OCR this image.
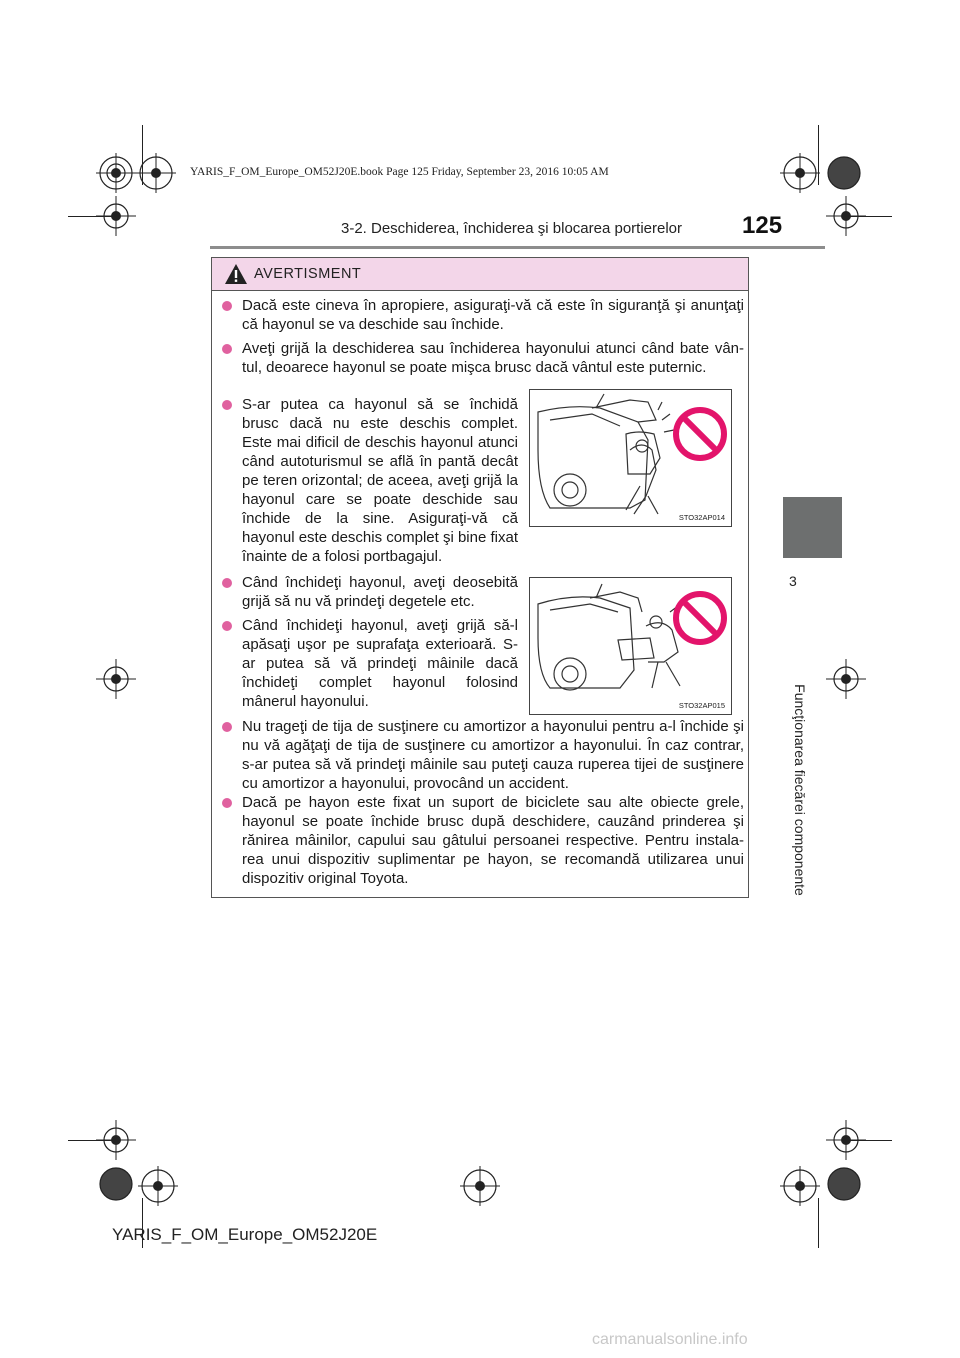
YARIS_F_OM_Europe_OM52J20E.book Page 125 Friday, September 23, 2016 10:05 AM
3-2. Deschiderea, închiderea şi blocarea portierelor	125
3
Funcţionarea fiecărei componente
AVERTISMENT
Dacă este cineva în apropiere, asiguraţi-vă că este în siguranţă şi anunţaţi că hayonul se va deschide sau închide.
Aveţi grijă la deschiderea sau închiderea hayonului atunci când bate vân-tul, deoarece hayonul se poate mişca brusc dacă vântul este puternic.
S-ar putea ca hayonul să se închidă brusc dacă nu este deschis complet. Este mai dificil de deschis hayonul atunci când autoturismul se află în pantă decât pe teren orizontal; de aceea, aveţi grijă la hayonul care se poate deschide sau închide de la sine. Asiguraţi-vă că hayonul este deschis complet şi bine fixat înainte de a folosi portbagajul.
STO32AP014
Când închideţi hayonul, aveţi deosebită grijă să nu vă prindeţi degetele etc.
Când închideţi hayonul, aveţi grijă să-l apăsaţi uşor pe suprafaţa exterioară. S-ar putea să vă prindeţi mâinile dacă închideţi complet hayonul folosind mânerul hayonului.	STO32AP015
Nu trageţi de tija de susţinere cu amortizor a hayonului pentru a-l închide şi nu vă agăţaţi de tija de susţinere cu amortizor a hayonului. În caz contrar, s-ar putea să vă prindeţi mâinile sau puteţi cauza ruperea tijei de susţinere cu amortizor a hayonului, provocând un accident.
Dacă pe hayon este fixat un suport de biciclete sau alte obiecte grele, hayonul se poate închide brusc după deschidere, cauzând prinderea şi rănirea mâinilor, capului sau gâtului persoanei respective. Pentru instala-rea unui dispozitiv suplimentar pe hayon, se recomandă utilizarea unui dispozitiv original Toyota.
YARIS_F_OM_Europe_OM52J20E
carmanualsonline.info
